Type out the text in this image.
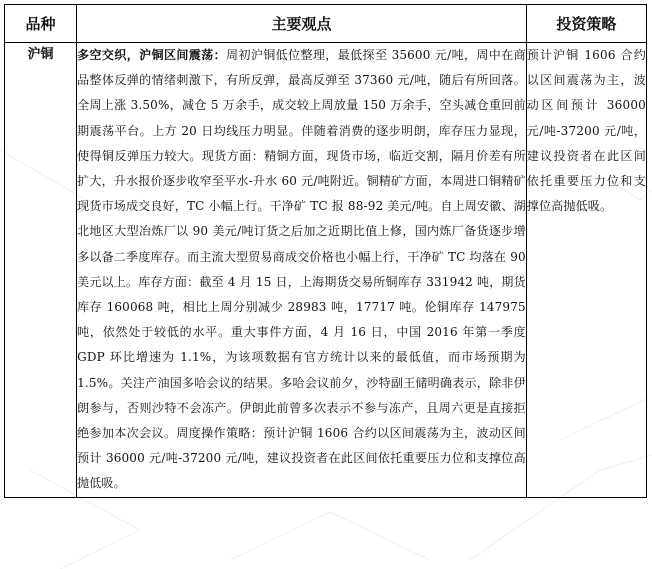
品种	主要观点	投资策略
沪铜	多空交织，沪铜区间震荡：周初沪铜低位整理，最低探至 35600 元/吨，周中在商品整体反弹的情绪刺激下，有所反弹，最高反弹至 37360 元/吨，随后有所回落。全周上涨 3.50%，减仓 5 万余手，成交较上周放量 150 万余手，空头减仓重回前期震荡平台。上方 20 日均线压力明显。伴随着消费的逐步明朗，库存压力显现，使得铜反弹压力较大。现货方面：精铜方面，现货市场，临近交割，隔月价差有所扩大，升水报价逐步收窄至平水-升水 60 元/吨附近。铜精矿方面，本周进口铜精矿现货市场成交良好，TC 小幅上行。干净矿 TC 报 88-92 美元/吨。自上周安徽、湖北地区大型冶炼厂以 90 美元/吨订货之后加之近期比值上修，国内炼厂备货逐步增多以备二季度库存。而主流大型贸易商成交价格也小幅上行，干净矿 TC 均落在 90 美元以上。库存方面：截至 4 月 15 日，上海期货交易所铜库存 331942 吨，期货库存 160068 吨，相比上周分别减少 28983 吨，17717 吨。伦铜库存 147975 吨，依然处于较低的水平。重大事件方面，4 月 16 日，中国 2016 年第一季度 GDP 环比增速为 1.1%，为该项数据有官方统计以来的最低值，而市场预期为 1.5%。关注产油国多哈会议的结果。多哈会议前夕，沙特副王储明确表示，除非伊朗参与，否则沙特不会冻产。伊朗此前曾多次表示不参与冻产，且周六更是直接拒绝参加本次会议。周度操作策略：预计沪铜 1606 合约以区间震荡为主，波动区间预计 36000 元/吨-37200 元/吨，建议投资者在此区间依托重要压力位和支撑位高抛低吸。	预计沪铜 1606 合约以区间震荡为主，波动区间预计 36000 元/吨-37200 元/吨，建议投资者在此区间依托重要压力位和支撑位高抛低吸。
